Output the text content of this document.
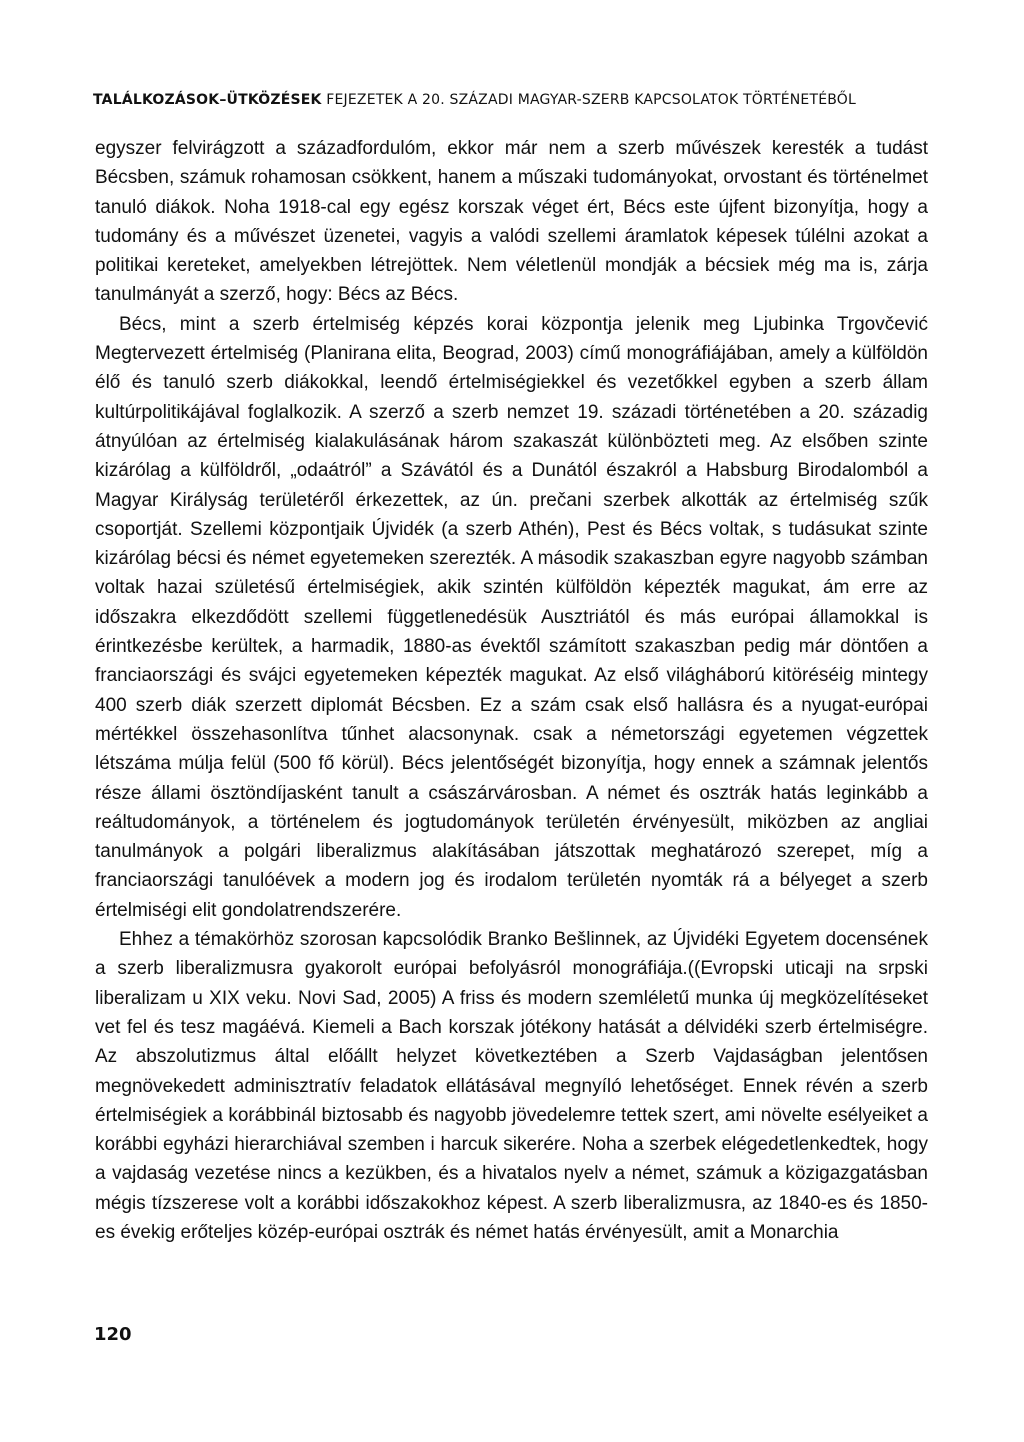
TALÁLKOZÁSOK–ÜTKÖZÉSEK FEJEZETEK A 20. SZÁZADI MAGYAR-SZERB KAPCSOLATOK TÖRTÉNETÉBŐL

egyszer felvirágzott a századfordulóm, ekkor már nem a szerb művészek keresték a tudást Bécsben, számuk rohamosan csökkent, hanem a műszaki tudományokat, orvostant és történelmet tanuló diákok. Noha 1918-cal egy egész korszak véget ért, Bécs este újfent bizonyítja, hogy a tudomány és a művészet üzenetei, vagyis a valódi szellemi áramlatok képesek túlélni azokat a politikai kereteket, amelyekben létrejöttek. Nem véletlenül mondják a bécsiek még ma is, zárja tanulmányát a szerző, hogy: Bécs az Bécs.

Bécs, mint a szerb értelmiség képzés korai központja jelenik meg Ljubinka Trgovčević Megtervezett értelmiség (Planirana elita, Beograd, 2003) című monográfiájában, amely a külföldön élő és tanuló szerb diákokkal, leendő értelmiségiekkel és vezetőkkel egyben a szerb állam kultúrpolitikájával foglalkozik. A szerző a szerb nemzet 19. századi történetében a 20. századig átnyúlóan az értelmiség kialakulásának három szakaszát különbözteti meg. Az elsőben szinte kizárólag a külföldről, „odaátról” a Szávától és a Dunától északról a Habsburg Birodalomból a Magyar Királyság területéről érkezettek, az ún. prečani szerbek alkották az értelmiség szűk csoportját. Szellemi központjaik Újvidék (a szerb Athén), Pest és Bécs voltak, s tudásukat szinte kizárólag bécsi és német egyetemeken szerezték. A második szakaszban egyre nagyobb számban voltak hazai születésű értelmiségiek, akik szintén külföldön képezték magukat, ám erre az időszakra elkezdődött szellemi függetlenedésük Ausztriától és más európai államokkal is érintkezésbe kerültek, a harmadik, 1880-as évektől számított szakaszban pedig már döntően a franciaországi és svájci egyetemeken képezték magukat. Az első világháború kitöréséig mintegy 400 szerb diák szerzett diplomát Bécsben. Ez a szám csak első hallásra és a nyugat-európai mértékkel összehasonlítva tűnhet alacsonynak. csak a németországi egyetemen végzettek létszáma múlja felül (500 fő körül). Bécs jelentőségét bizonyítja, hogy ennek a számnak jelentős része állami ösztöndíjasként tanult a császárvárosban. A német és osztrák hatás leginkább a reáltudományok, a történelem és jogtudományok területén érvényesült, miközben az angliai tanulmányok a polgári liberalizmus alakításában játszottak meghatározó szerepet, míg a franciaországi tanulóévek a modern jog és irodalom területén nyomták rá a bélyeget a szerb értelmiségi elit gondolatrendszerére.

Ehhez a témakörhöz szorosan kapcsolódik Branko Bešlinnek, az Újvidéki Egyetem docensének a szerb liberalizmusra gyakorolt európai befolyásról monográfiája.((Evropski uticaji na srpski liberalizam u XIX veku. Novi Sad, 2005) A friss és modern szemléletű munka új megközelítéseket vet fel és tesz magáévá. Kiemeli a Bach korszak jótékony hatását a délvidéki szerb értelmiségre. Az abszolutizmus által előállt helyzet következtében a Szerb Vajdaságban jelentősen megnövekedett adminisztratív feladatok ellátásával megnyíló lehetőséget. Ennek révén a szerb értelmiségiek a korábbinál biztosabb és nagyobb jövedelemre tettek szert, ami növelte esélyeiket a korábbi egyházi hierarchiával szemben i harcuk sikerére. Noha a szerbek elégedetlenkedtek, hogy a vajdaság vezetése nincs a kezükben, és a hivatalos nyelv a német, számuk a közigazgatásban mégis tízszerese volt a korábbi időszakokhoz képest. A szerb liberalizmusra, az 1840-es és 1850-es évekig erőteljes közép-európai osztrák és német hatás érvényesült, amit a Monarchia

120
